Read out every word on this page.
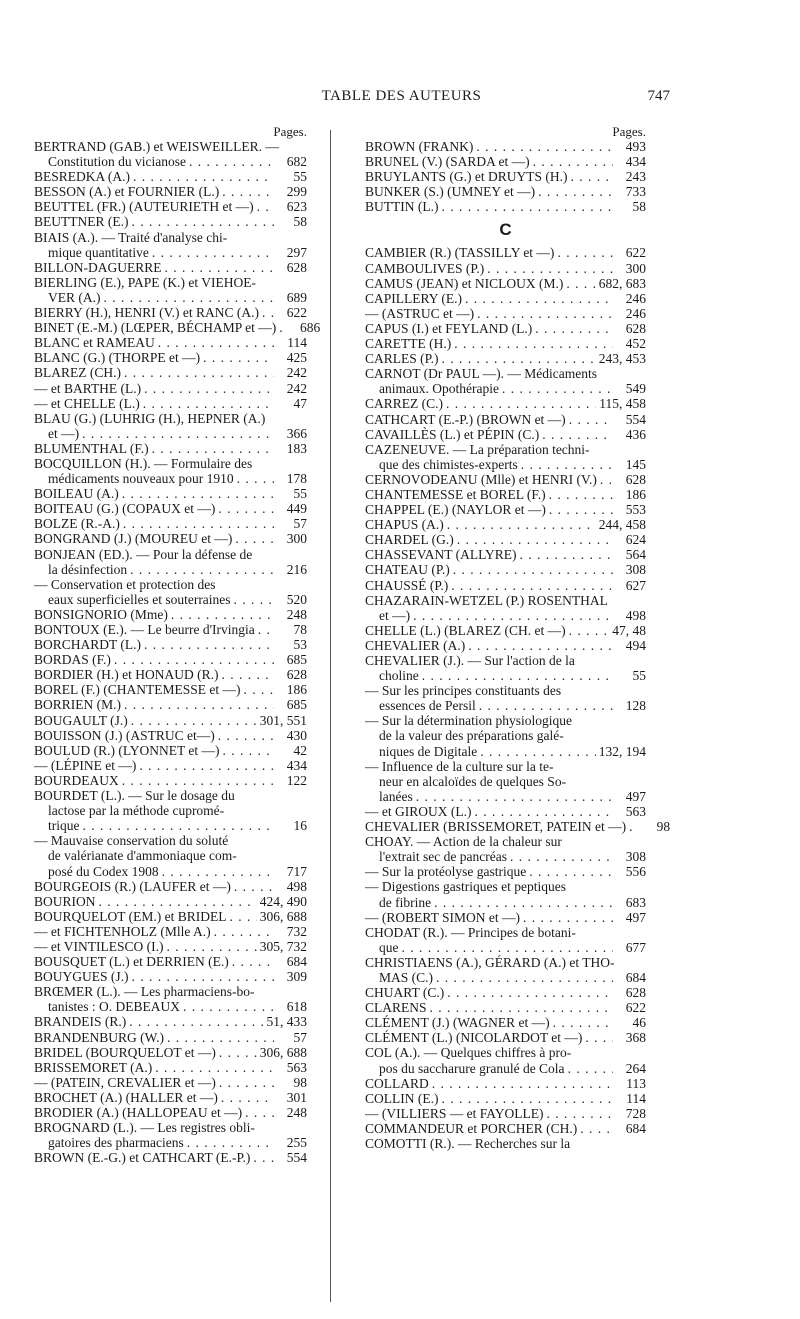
TABLE DES AUTEURS	747
Pages.
BERTRAND (GAB.) et WEISWEILLER. —
Constitution du vicianose . . .	682
BESREDKA (A.) . . .	55
BESSON (A.) et FOURNIER (L.) . . .	299
BEUTTEL (FR.) (AUTEURIETH et —) . . .	623
BEUTTNER (E.) . . .	58
BIAIS (A.). — Traité d'analyse chi-
mique quantitative . . .	297
BILLON-DAGUERRE . . .	628
BIERLING (E.), PAPE (K.) et VIEHOE-
VER (A.) . . .	689
BIERRY (H.), HENRI (V.) et RANC (A.) . . .	622
BINET (E.-M.) (LŒPER, BÉCHAMP et —) . . .	686
BLANC et RAMEAU . . .	114
BLANC (G.) (THORPE et —) . . .	425
BLAREZ (CH.) . . .	242
— et BARTHE (L.) . . .	242
— et CHELLE (L.) . . .	47
BLAU (G.) (LUHRIG (H.), HEPNER (A.)
et —) . . .	366
BLUMENTHAL (F.) . . .	183
BOCQUILLON (H.). — Formulaire des
médicaments nouveaux pour 1910 . . .	178
BOILEAU (A.) . . .	55
BOITEAU (G.) (COPAUX et —) . . .	449
BOLZE (R.-A.) . . .	57
BONGRAND (J.) (MOUREU et —) . . .	300
BONJEAN (ED.). — Pour la défense de
la désinfection . . .	216
— Conservation et protection des
eaux superficielles et souterraines . . .	520
BONSIGNORIO (Mme) . . .	248
BONTOUX (E.). — Le beurre d'Irvingia . . .	78
BORCHARDT (L.) . . .	53
BORDAS (F.) . . .	685
BORDIER (H.) et HONAUD (R.) . . .	628
BOREL (F.) (CHANTEMESSE et —) . . .	186
BORRIEN (M.) . . .	685
BOUGAULT (J.) . . .	301, 551
BOUISSON (J.) (ASTRUC et—) . . .	430
BOULUD (R.) (LYONNET et —) . . .	42
— (LÉPINE et —) . . .	434
BOURDEAUX . . .	122
BOURDET (L.). — Sur le dosage du
lactose par la méthode cupromé-
trique . . .	16
— Mauvaise conservation du soluté
de valérianate d'ammoniaque com-
posé du Codex 1908 . . .	717
BOURGEOIS (R.) (LAUFER et —) . . .	498
BOURION . . .	424, 490
BOURQUELOT (EM.) et BRIDEL . . . 306, 688
— et FICHTENHOLZ (Mlle A.) . . .	732
— et VINTILESCO (I.) . . .	305, 732
BOUSQUET (L.) et DERRIEN (E.) . . .	684
BOUYGUES (J.) . . .	309
BRŒMER (L.). — Les pharmaciens-bo-
tanistes : O. DEBEAUX . . .	618
BRANDEIS (R.) . . .	51, 433
BRANDENBURG (W.) . . .	57
BRIDEL (BOURQUELOT et —) . . .	306, 688
BRISSEMORET (A.) . . .	563
— (PATEIN, CREVALIER et —) . . .	98
BROCHET (A.) (HALLER et —) . . .	301
BRODIER (A.) (HALLOPEAU et —) . . .	248
BROGNARD (L.). — Les registres obli-
gatoires des pharmaciens . . .	255
BROWN (E.-G.) et CATHCART (E.-P.) . . .	554
Pages.
BROWN (FRANK) . . .	493
BRUNEL (V.) (SARDA et —) . . .	434
BRUYLANTS (G.) et DRUYTS (H.) . . .	243
BUNKER (S.) (UMNEY et —) . . .	733
BUTTIN (L.) . . .	58
C
CAMBIER (R.) (TASSILLY et —) . . .	622
CAMBOULIVES (P.) . . .	300
CAMUS (JEAN) et NICLOUX (M.) . . .	682, 683
CAPILLERY (E.) . . .	246
— (ASTRUC et —) . . .	246
CAPUS (I.) et FEYLAND (L.) . . .	628
CARETTE (H.) . . .	452
CARLES (P.) . . .	243, 453
CARNOT (Dr PAUL —). — Médicaments
animaux. Opothérapie . . .	549
CARREZ (C.) . . .	115, 458
CATHCART (E.-P.) (BROWN et —) . . .	554
CAVAILLÈS (L.) et PÉPIN (C.) . . .	436
CAZENEUVE. — La préparation techni-
que des chimistes-experts . . .	145
CERNOVODEANU (Mlle) et HENRI (V.) . . .	628
CHANTEMESSE et BOREL (F.) . . .	186
CHAPPEL (E.) (NAYLOR et —) . . .	553
CHAPUS (A.) . . .	244, 458
CHARDEL (G.) . . .	624
CHASSEVANT (ALLYRE) . . .	564
CHATEAU (P.) . . .	308
CHAUSSÉ (P.) . . .	627
CHAZARAIN-WETZEL (P.) ROSENTHAL
et —) . . .	498
CHELLE (L.) (BLAREZ (CH. et —) . . .	47, 48
CHEVALIER (A.) . . .	494
CHEVALIER (J.). — Sur l'action de la
choline . . .	55
— Sur les principes constituants des
essences de Persil . . .	128
— Sur la détermination physiologique
de la valeur des préparations galé-
niques de Digitale . . .	132, 194
— Influence de la culture sur la te-
neur en alcaloïdes de quelques So-
lanées . . .	497
— et GIROUX (L.) . . .	563
CHEVALIER (BRISSEMORET, PATEIN et —) . . .	98
CHOAY. — Action de la chaleur sur
l'extrait sec de pancréas . . .	308
— Sur la protéolyse gastrique . . .	556
— Digestions gastriques et peptiques
de fibrine . . .	683
— (ROBERT SIMON et —) . . .	497
CHODAT (R.). — Principes de botani-
que . . .	677
CHRISTIAENS (A.), GÉRARD (A.) et THO-
MAS (C.) . . .	684
CHUART (C.) . . .	628
CLARENS . . .	622
CLÉMENT (J.) (WAGNER et —) . . .	46
CLÉMENT (L.) (NICOLARDOT et —) . . .	368
COL (A.). — Quelques chiffres à pro-
pos du saccharure granulé de Cola . . .	264
COLLARD . . .	113
COLLIN (E.) . . .	114
— (VILLIERS — et FAYOLLE) . . .	728
COMMANDEUR et PORCHER (CH.) . . .	684
COMOTTI (R.). — Recherches sur la
